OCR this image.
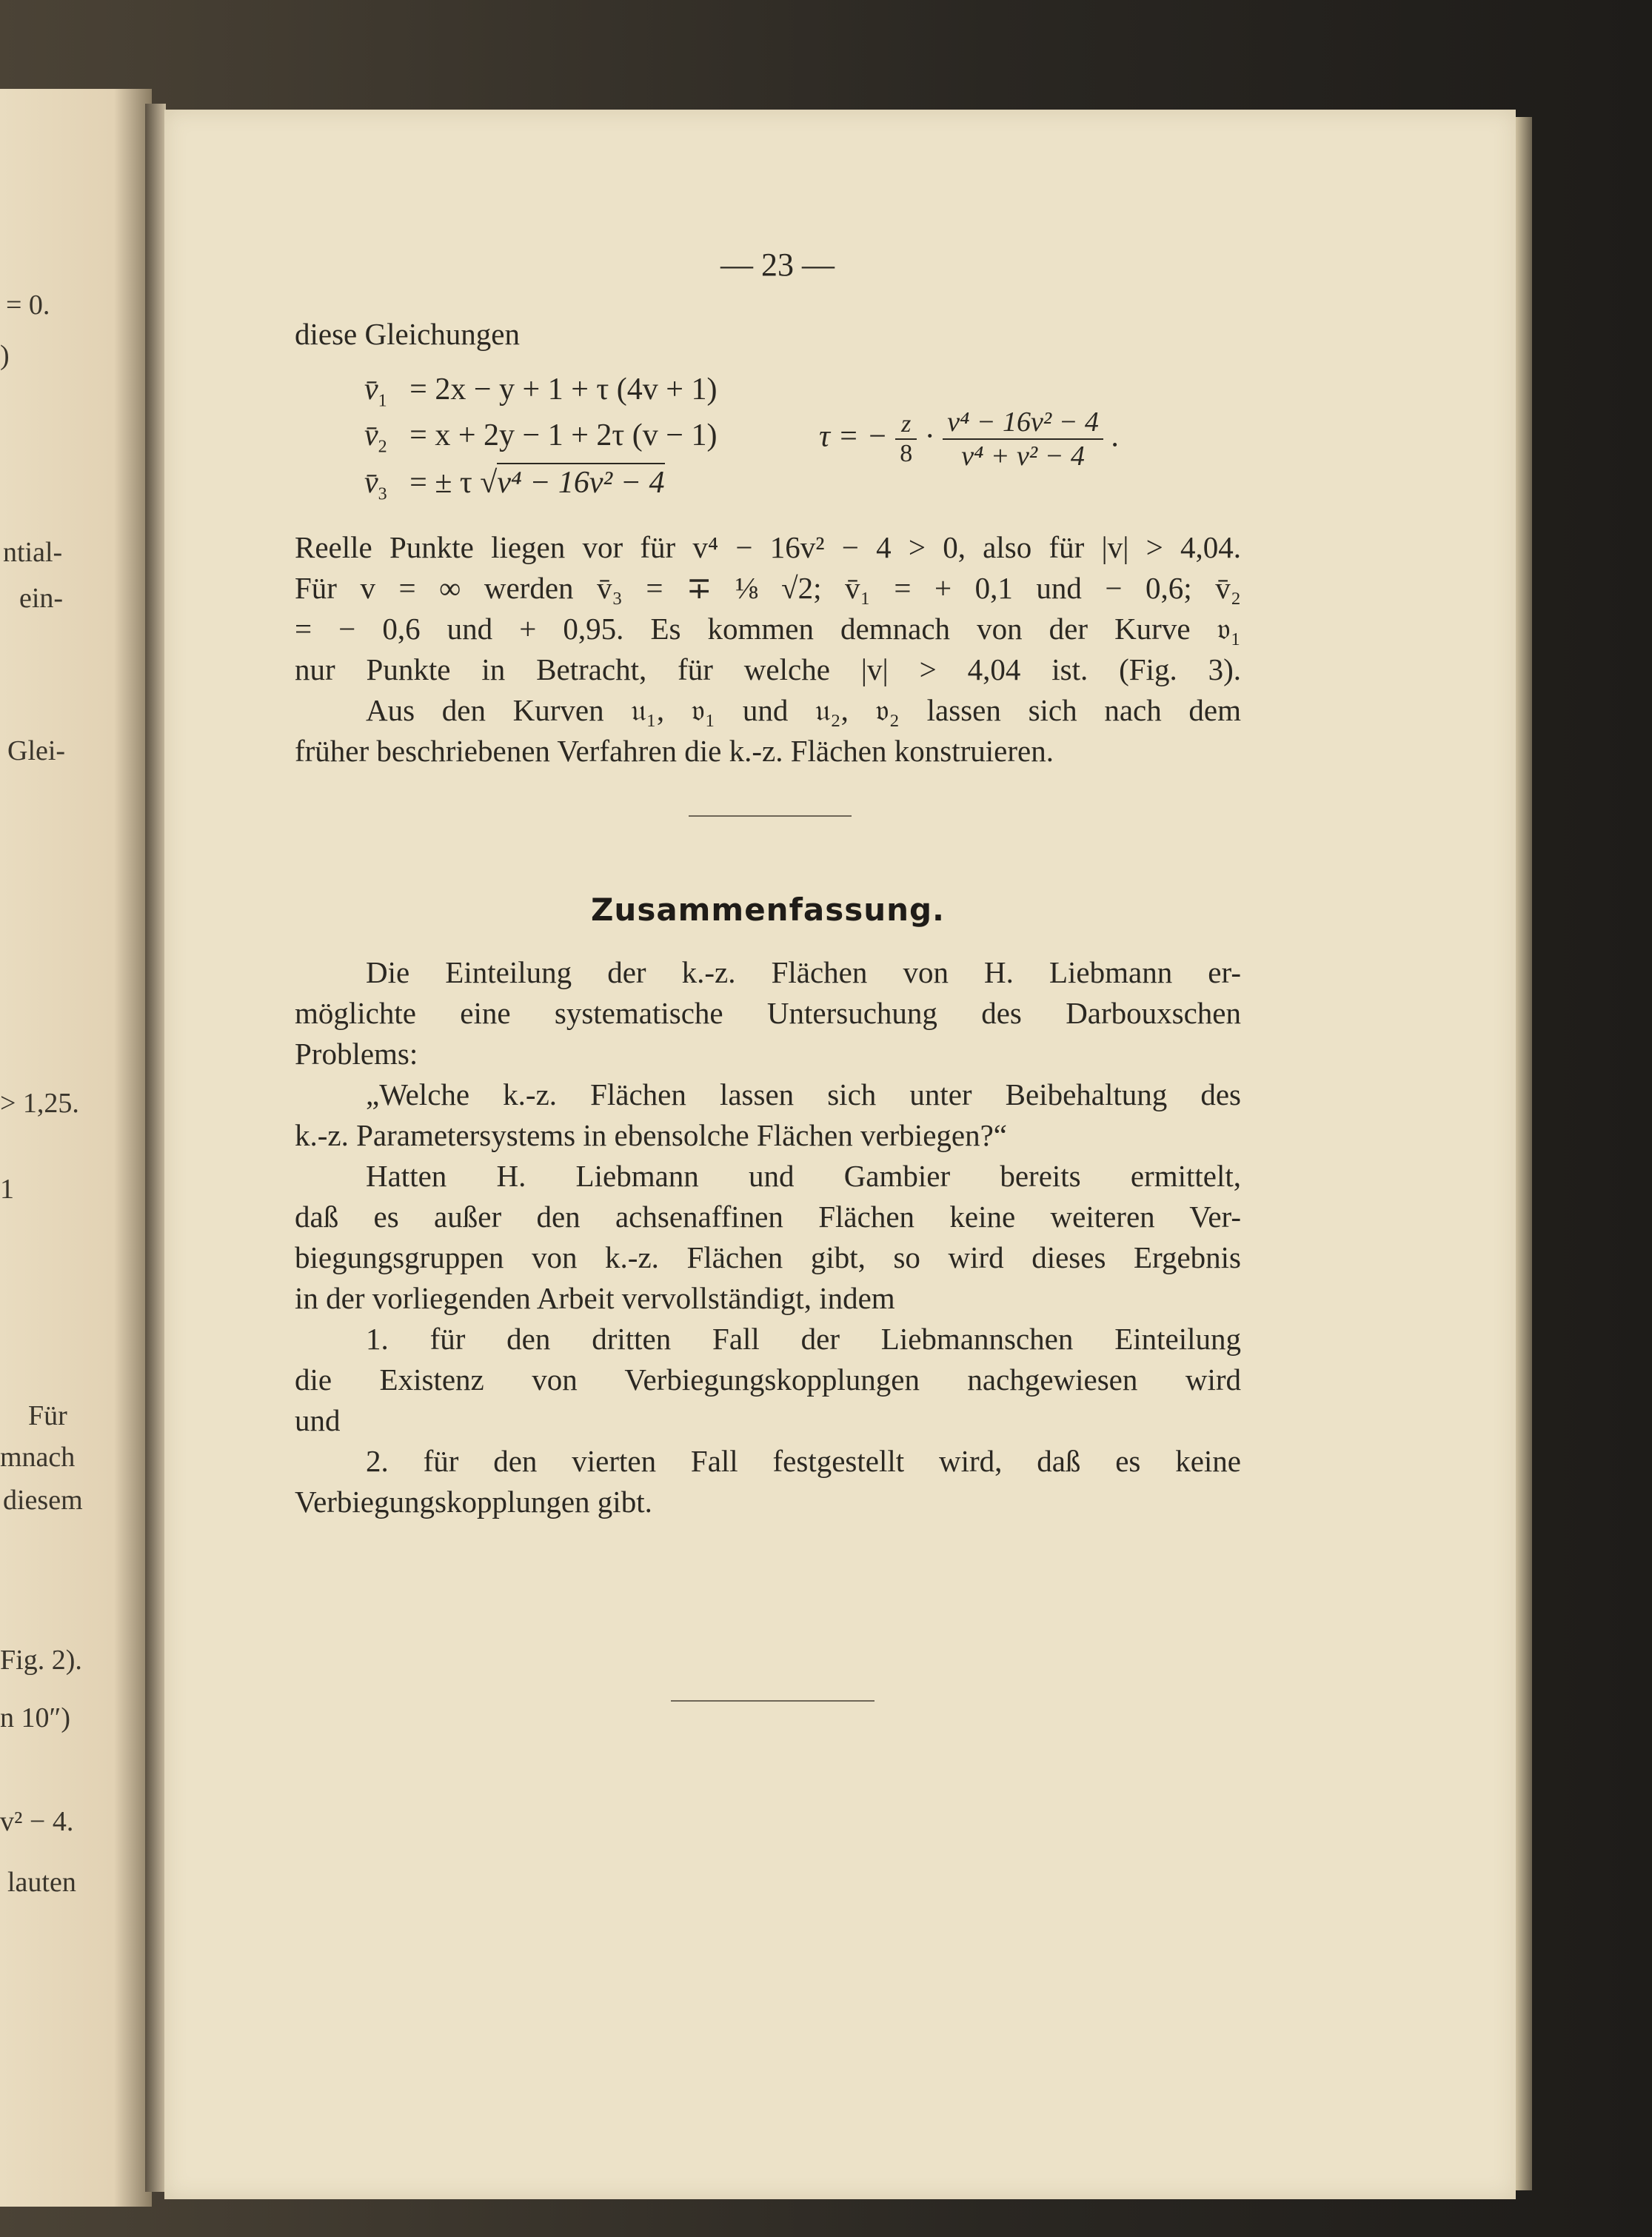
= 0.
)
ntial-
ein-
Glei-
> 1,25.
1
Für
mnach
diesem
Fig. 2).
n 10″)
v² − 4.
lauten
— 23 —
diese Gleichungen
$v̄_1 = 2x - y + 1 + \tau$ (4v + 1)
$v̄_2 = x + 2y - 1 + 2\tau$ (v − 1)
$v̄_3$ = ± τ √v⁴ − 16v² − 4
τ = − $\frac{z}{8} \cdot \frac{\text{v⁴ − 16v² − 4}}{\text{v⁴ + v² − 4}}$ .
Reelle Punkte liegen vor für v⁴ − 16v² − 4 > 0, also für |v| > 4,04.
Für v = ∞ werden v̄₃ = ∓ ⅛ √2; v̄₁ = + 0,1 und − 0,6; v̄₂
= − 0,6 und + 0,95. Es kommen demnach von der Kurve 𝔳₁
nur Punkte in Betracht, für welche |v| > 4,04 ist. (Fig. 3).
Aus den Kurven 𝔲₁, 𝔳₁ und 𝔲₂, 𝔳₂ lassen sich nach dem
früher beschriebenen Verfahren die k.-z. Flächen konstruieren.
Zusammenfassung.
Die Einteilung der k.-z. Flächen von H. Liebmann er-
möglichte eine systematische Untersuchung des Darbouxschen
Problems:
„Welche k.-z. Flächen lassen sich unter Beibehaltung des
k.-z. Parametersystems in ebensolche Flächen verbiegen?“
Hatten H. Liebmann und Gambier bereits ermittelt,
daß es außer den achsenaffinen Flächen keine weiteren Ver-
biegungsgruppen von k.-z. Flächen gibt, so wird dieses Ergebnis
in der vorliegenden Arbeit vervollständigt, indem
1. für den dritten Fall der Liebmannschen Einteilung
die Existenz von Verbiegungskopplungen nachgewiesen wird
und
2. für den vierten Fall festgestellt wird, daß es keine
Verbiegungskopplungen gibt.
